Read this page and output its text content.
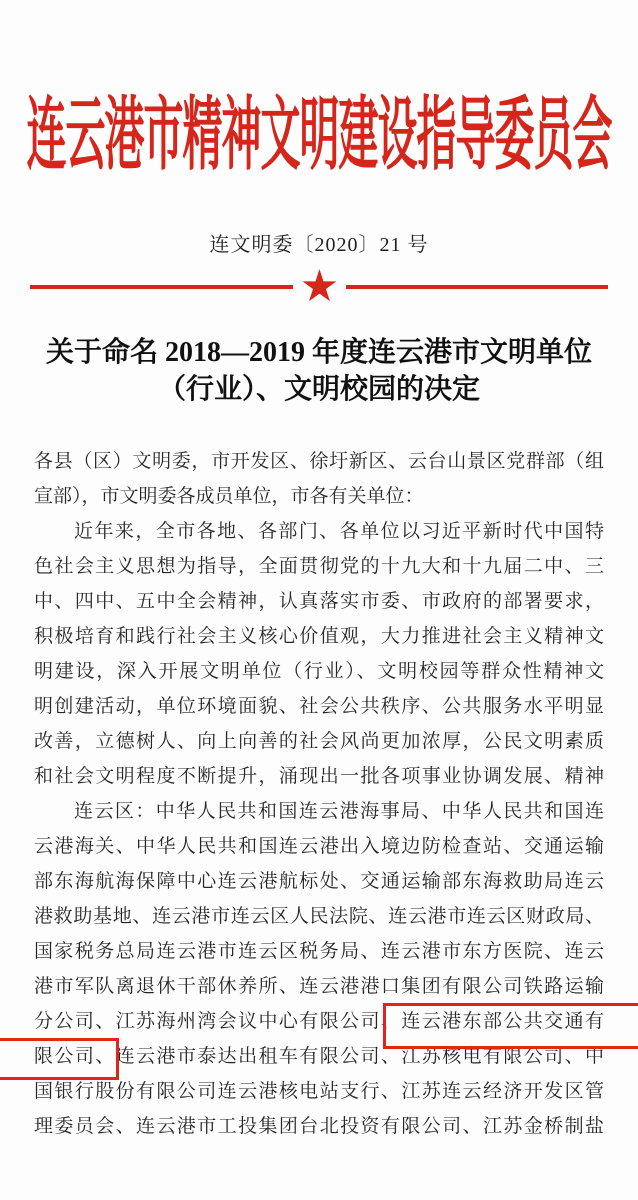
连云港市精神文明建设指导委员会
连文明委〔2020〕21 号
★
关于命名 2018—2019 年度连云港市文明单位
（行业）、文明校园的决定
各县（区）文明委，市开发区、徐圩新区、云台山景区党群部（组
宣部），市文明委各成员单位，市各有关单位：
近年来，全市各地、各部门、各单位以习近平新时代中国特
色社会主义思想为指导，全面贯彻党的十九大和十九届二中、三
中、四中、五中全会精神，认真落实市委、市政府的部署要求，
积极培育和践行社会主义核心价值观，大力推进社会主义精神文
明建设，深入开展文明单位（行业）、文明校园等群众性精神文
明创建活动，单位环境面貌、社会公共秩序、公共服务水平明显
改善，立德树人、向上向善的社会风尚更加浓厚，公民文明素质
和社会文明程度不断提升，涌现出一批各项事业协调发展、精神
连云区：中华人民共和国连云港海事局、中华人民共和国连
云港海关、中华人民共和国连云港出入境边防检查站、交通运输
部东海航海保障中心连云港航标处、交通运输部东海救助局连云
港救助基地、连云港市连云区人民法院、连云港市连云区财政局、
国家税务总局连云港市连云区税务局、连云港市东方医院、连云
港市军队离退休干部休养所、连云港港口集团有限公司铁路运输
分公司、江苏海州湾会议中心有限公司、连云港东部公共交通有
限公司、连云港市泰达出租车有限公司、江苏核电有限公司、中
国银行股份有限公司连云港核电站支行、江苏连云经济开发区管
理委员会、连云港市工投集团台北投资有限公司、江苏金桥制盐
